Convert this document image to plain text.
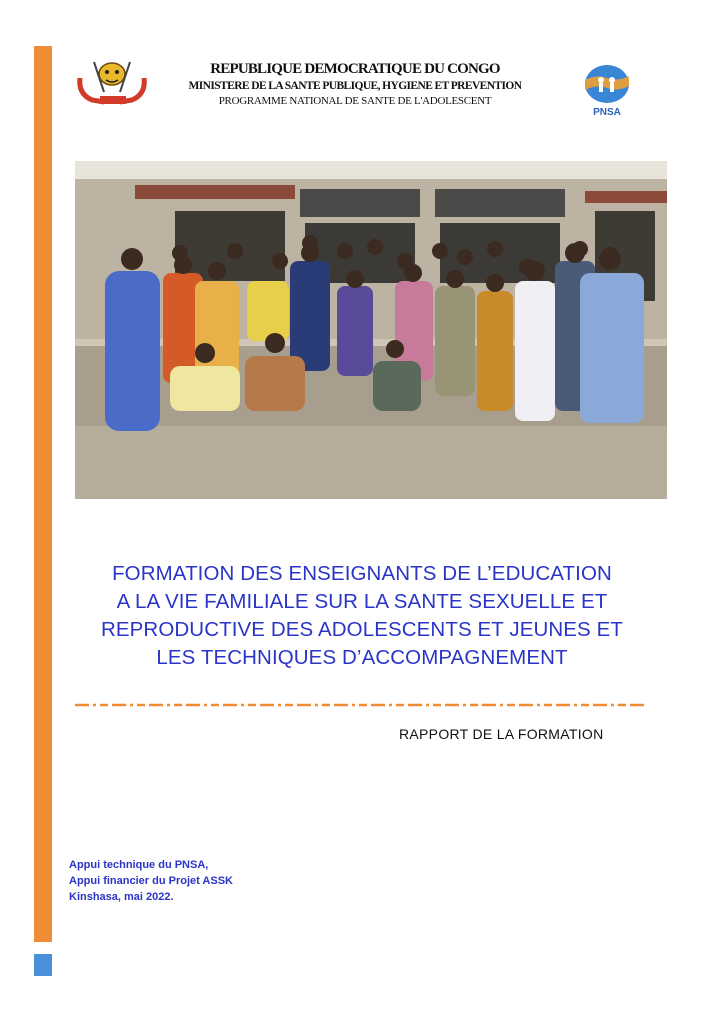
REPUBLIQUE DEMOCRATIQUE DU CONGO
MINISTERE DE LA SANTE PUBLIQUE, HYGIENE ET PREVENTION
PROGRAMME NATIONAL DE SANTE DE L'ADOLESCENT
PNSA
FORMATION DES ENSEIGNANTS DE L’EDUCATION
A LA VIE FAMILIALE SUR LA SANTE SEXUELLE ET
REPRODUCTIVE DES ADOLESCENTS ET JEUNES ET
LES TECHNIQUES D’ACCOMPAGNEMENT
RAPPORT DE LA FORMATION
Appui technique du PNSA,
Appui financier du Projet ASSK
Kinshasa, mai 2022.
